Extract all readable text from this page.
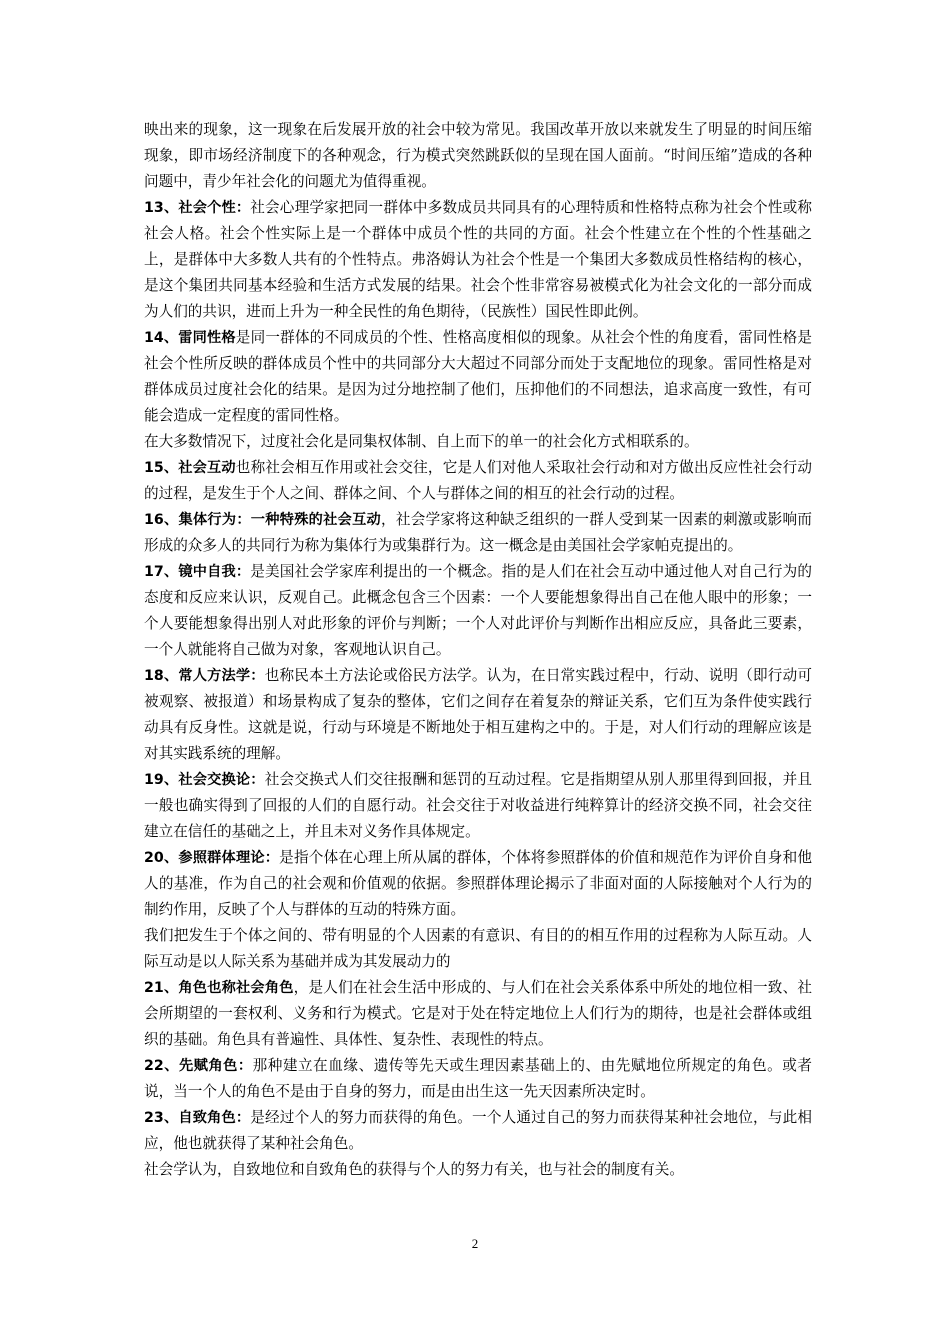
映出来的现象，这一现象在后发展开放的社会中较为常见。我国改革开放以来就发生了明显的时间压缩现象，即市场经济制度下的各种观念，行为模式突然跳跃似的呈现在国人面前。“时间压缩”造成的各种问题中，青少年社会化的问题尤为值得重视。

13、社会个性：社会心理学家把同一群体中多数成员共同具有的心理特质和性格特点称为社会个性或称社会人格。社会个性实际上是一个群体中成员个性的共同的方面。社会个性建立在个性的个性基础之上，是群体中大多数人共有的个性特点。弗洛姆认为社会个性是一个集团大多数成员性格结构的核心，是这个集团共同基本经验和生活方式发展的结果。社会个性非常容易被模式化为社会文化的一部分而成为人们的共识，进而上升为一种全民性的角色期待，（民族性）国民性即此例。

14、雷同性格是同一群体的不同成员的个性、性格高度相似的现象。从社会个性的角度看，雷同性格是社会个性所反映的群体成员个性中的共同部分大大超过不同部分而处于支配地位的现象。雷同性格是对群体成员过度社会化的结果。是因为过分地控制了他们，压抑他们的不同想法，追求高度一致性，有可能会造成一定程度的雷同性格。

在大多数情况下，过度社会化是同集权体制、自上而下的单一的社会化方式相联系的。

15、社会互动也称社会相互作用或社会交往，它是人们对他人采取社会行动和对方做出反应性社会行动的过程，是发生于个人之间、群体之间、个人与群体之间的相互的社会行动的过程。

16、集体行为：一种特殊的社会互动，社会学家将这种缺乏组织的一群人受到某一因素的刺激或影响而形成的众多人的共同行为称为集体行为或集群行为。这一概念是由美国社会学家帕克提出的。

17、镜中自我：是美国社会学家库利提出的一个概念。指的是人们在社会互动中通过他人对自己行为的态度和反应来认识，反观自己。此概念包含三个因素：一个人要能想象得出自己在他人眼中的形象；一个人要能想象得出别人对此形象的评价与判断；一个人对此评价与判断作出相应反应，具备此三要素，一个人就能将自己做为对象，客观地认识自己。

18、常人方法学：也称民本土方法论或俗民方法学。认为，在日常实践过程中，行动、说明（即行动可被观察、被报道）和场景构成了复杂的整体，它们之间存在着复杂的辩证关系，它们互为条件使实践行动具有反身性。这就是说，行动与环境是不断地处于相互建构之中的。于是，对人们行动的理解应该是对其实践系统的理解。

19、社会交换论：社会交换式人们交往报酬和惩罚的互动过程。它是指期望从别人那里得到回报，并且一般也确实得到了回报的人们的自愿行动。社会交往于对收益进行纯粹算计的经济交换不同，社会交往建立在信任的基础之上，并且未对义务作具体规定。

20、参照群体理论：是指个体在心理上所从属的群体，个体将参照群体的价值和规范作为评价自身和他人的基准，作为自己的社会观和价值观的依据。参照群体理论揭示了非面对面的人际接触对个人行为的制约作用，反映了个人与群体的互动的特殊方面。

我们把发生于个体之间的、带有明显的个人因素的有意识、有目的的相互作用的过程称为人际互动。人际互动是以人际关系为基础并成为其发展动力的

21、角色也称社会角色，是人们在社会生活中形成的、与人们在社会关系体系中所处的地位相一致、社会所期望的一套权利、义务和行为模式。它是对于处在特定地位上人们行为的期待，也是社会群体或组织的基础。角色具有普遍性、具体性、复杂性、表现性的特点。

22、先赋角色：那种建立在血缘、遗传等先天或生理因素基础上的、由先赋地位所规定的角色。或者说，当一个人的角色不是由于自身的努力，而是由出生这一先天因素所决定时。

23、自致角色：是经过个人的努力而获得的角色。一个人通过自己的努力而获得某种社会地位，与此相应，他也就获得了某种社会角色。

社会学认为，自致地位和自致角色的获得与个人的努力有关，也与社会的制度有关。

2
